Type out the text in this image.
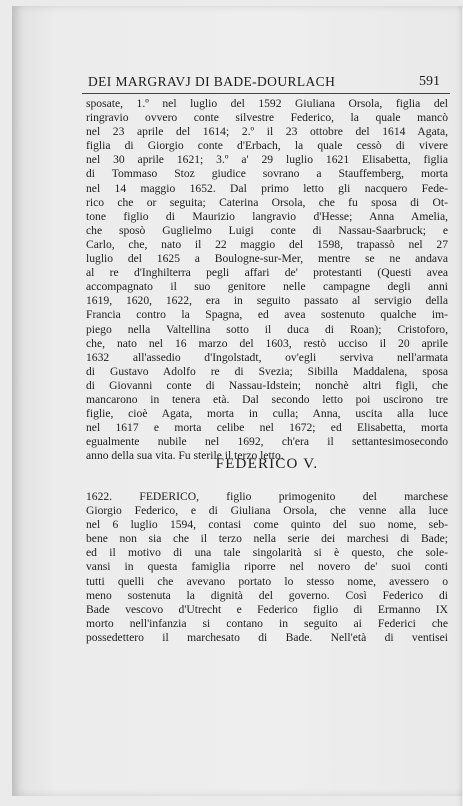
DEI MARGRAVJ DI BADE-DOURLACH	591
sposate, 1.º nel luglio del 1592 Giuliana Orsola, figlia del
ringravio ovvero conte silvestre Federico, la quale mancò
nel 23 aprile del 1614; 2.º il 23 ottobre del 1614 Agata,
figlia di Giorgio conte d'Erbach, la quale cessò di vivere
nel 30 aprile 1621; 3.º a' 29 luglio 1621 Elisabetta, figlia
di Tommaso Stoz giudice sovrano a Stauffemberg, morta
nel 14 maggio 1652. Dal primo letto gli nacquero Fede-
rico che or seguita; Caterina Orsola, che fu sposa di Ot-
tone figlio di Maurizio langravio d'Hesse; Anna Amelia,
che sposò Guglielmo Luigi conte di Nassau-Saarbruck; e
Carlo, che, nato il 22 maggio del 1598, trapassò nel 27
luglio del 1625 a Boulogne-sur-Mer, mentre se ne andava
al re d'Inghilterra pegli affari de' protestanti (Questi avea
accompagnato il suo genitore nelle campagne degli anni
1619, 1620, 1622, era in seguito passato al servigio della
Francia contro la Spagna, ed avea sostenuto qualche im-
piego nella Valtellina sotto il duca di Roan); Cristoforo,
che, nato nel 16 marzo del 1603, restò ucciso il 20 aprile
1632 all'assedio d'Ingolstadt, ov'egli serviva nell'armata
di Gustavo Adolfo re di Svezia; Sibilla Maddalena, sposa
di Giovanni conte di Nassau-Idstein; nonchè altri figli, che
mancarono in tenera età. Dal secondo letto poi uscirono tre
figlie, cioè Agata, morta in culla; Anna, uscita alla luce
nel 1617 e morta celibe nel 1672; ed Elisabetta, morta
egualmente nubile nel 1692, ch'era il settantesimosecondo
anno della sua vita. Fu sterile il terzo letto.
FEDERICO V.
1622. FEDERICO, figlio primogenito del marchese
Giorgio Federico, e di Giuliana Orsola, che venne alla luce
nel 6 luglio 1594, contasi come quinto del suo nome, seb-
bene non sia che il terzo nella serie dei marchesi di Bade;
ed il motivo di una tale singolarità si è questo, che sole-
vansi in questa famiglia riporre nel novero de' suoi conti
tutti quelli che avevano portato lo stesso nome, avessero o
meno sostenuta la dignità del governo. Così Federico di
Bade vescovo d'Utrecht e Federico figlio di Ermanno IX
morto nell'infanzia si contano in seguito ai Federici che
possedettero il marchesato di Bade. Nell'età di ventisei
